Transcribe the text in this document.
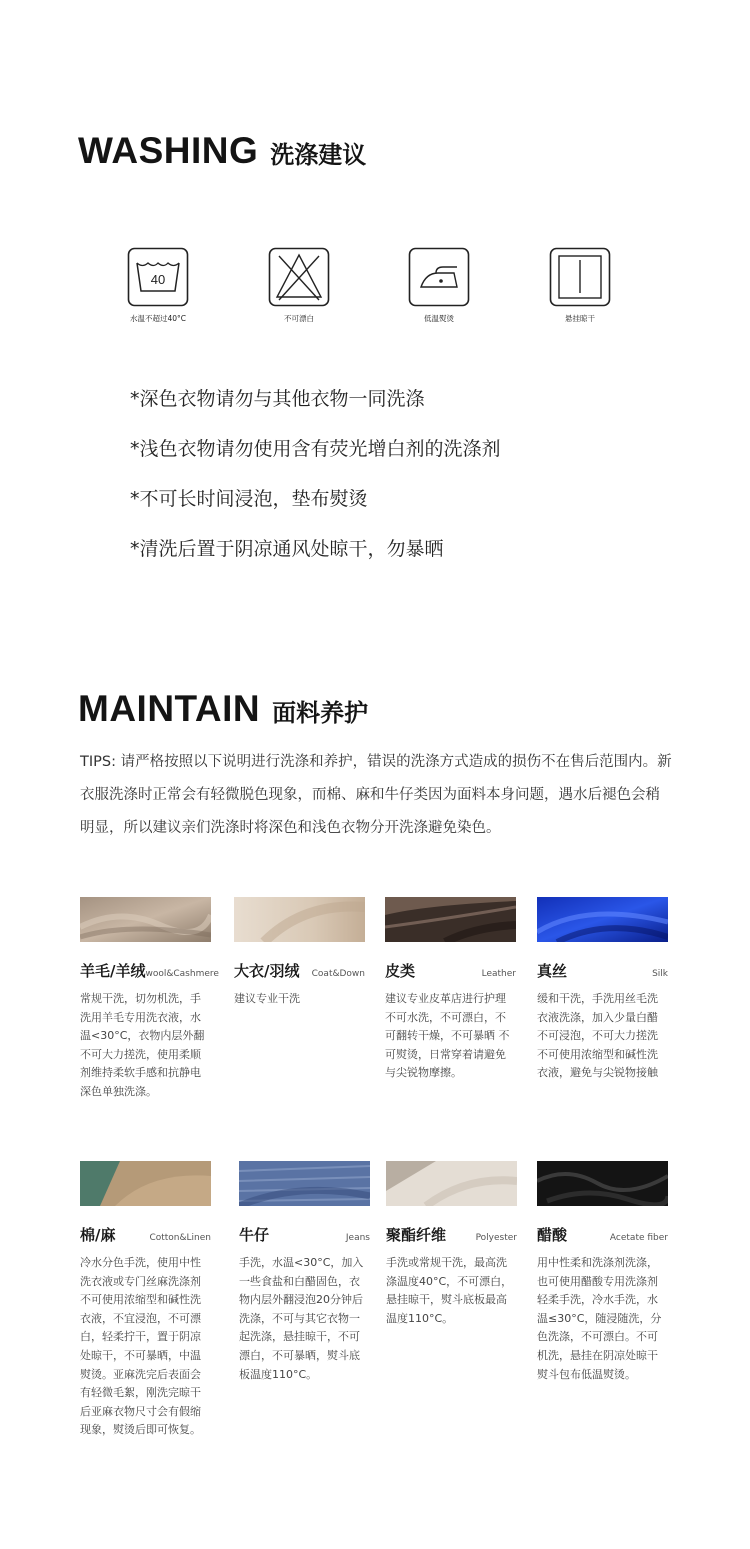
WASHING 洗涤建议
40
水温不超过40°C	不可漂白	低温熨烫	悬挂晾干
*深色衣物请勿与其他衣物一同洗涤
*浅色衣物请勿使用含有荧光增白剂的洗涤剂
*不可长时间浸泡，垫布熨烫
*清洗后置于阴凉通风处晾干，勿暴晒
MAINTAIN 面料养护
TIPS: 请严格按照以下说明进行洗涤和养护，错误的洗涤方式造成的损伤不在售后范围内。新衣服洗涤时正常会有轻微脱色现象，而棉、麻和牛仔类因为面料本身问题，遇水后褪色会稍明显，所以建议亲们洗涤时将深色和浅色衣物分开洗涤避免染色。
羊毛/羊绒 wool&Cashmere
常规干洗，切勿机洗，手洗用羊毛专用洗衣液，水温<30°C，衣物内层外翻不可大力搓洗，使用柔顺剂维持柔软手感和抗静电深色单独洗涤。
大衣/羽绒 Coat&Down
建议专业干洗
皮类	Leather
建议专业皮革店进行护理不可水洗，不可漂白，不可翻转干燥，不可暴晒 不可熨烫，日常穿着请避免与尖锐物摩擦。
真丝	Silk
缓和干洗，手洗用丝毛洗衣液洗涤，加入少量白醋不可浸泡，不可大力搓洗不可使用浓缩型和碱性洗衣液，避免与尖锐物接触
棉/麻	Cotton&Linen
冷水分色手洗，使用中性洗衣液或专门丝麻洗涤剂不可使用浓缩型和碱性洗衣液，不宜浸泡，不可漂白，轻柔拧干，置于阴凉处晾干，不可暴晒，中温熨烫。亚麻洗完后表面会有轻微毛絮，刚洗完晾干后亚麻衣物尺寸会有假缩现象，熨烫后即可恢复。
牛仔	Jeans
手洗，水温<30°C，加入一些食盐和白醋固色，衣物内层外翻浸泡20分钟后洗涤，不可与其它衣物一起洗涤，悬挂晾干，不可漂白，不可暴晒，熨斗底板温度110°C。
聚酯纤维	Polyester
手洗或常规干洗，最高洗涤温度40°C，不可漂白，悬挂晾干，熨斗底板最高温度110°C。
醋酸	Acetate fiber
用中性柔和洗涤剂洗涤，也可使用醋酸专用洗涤剂轻柔手洗，冷水手洗，水温≤30°C，随浸随洗，分色洗涤，不可漂白。不可机洗，悬挂在阴凉处晾干熨斗包布低温熨烫。
